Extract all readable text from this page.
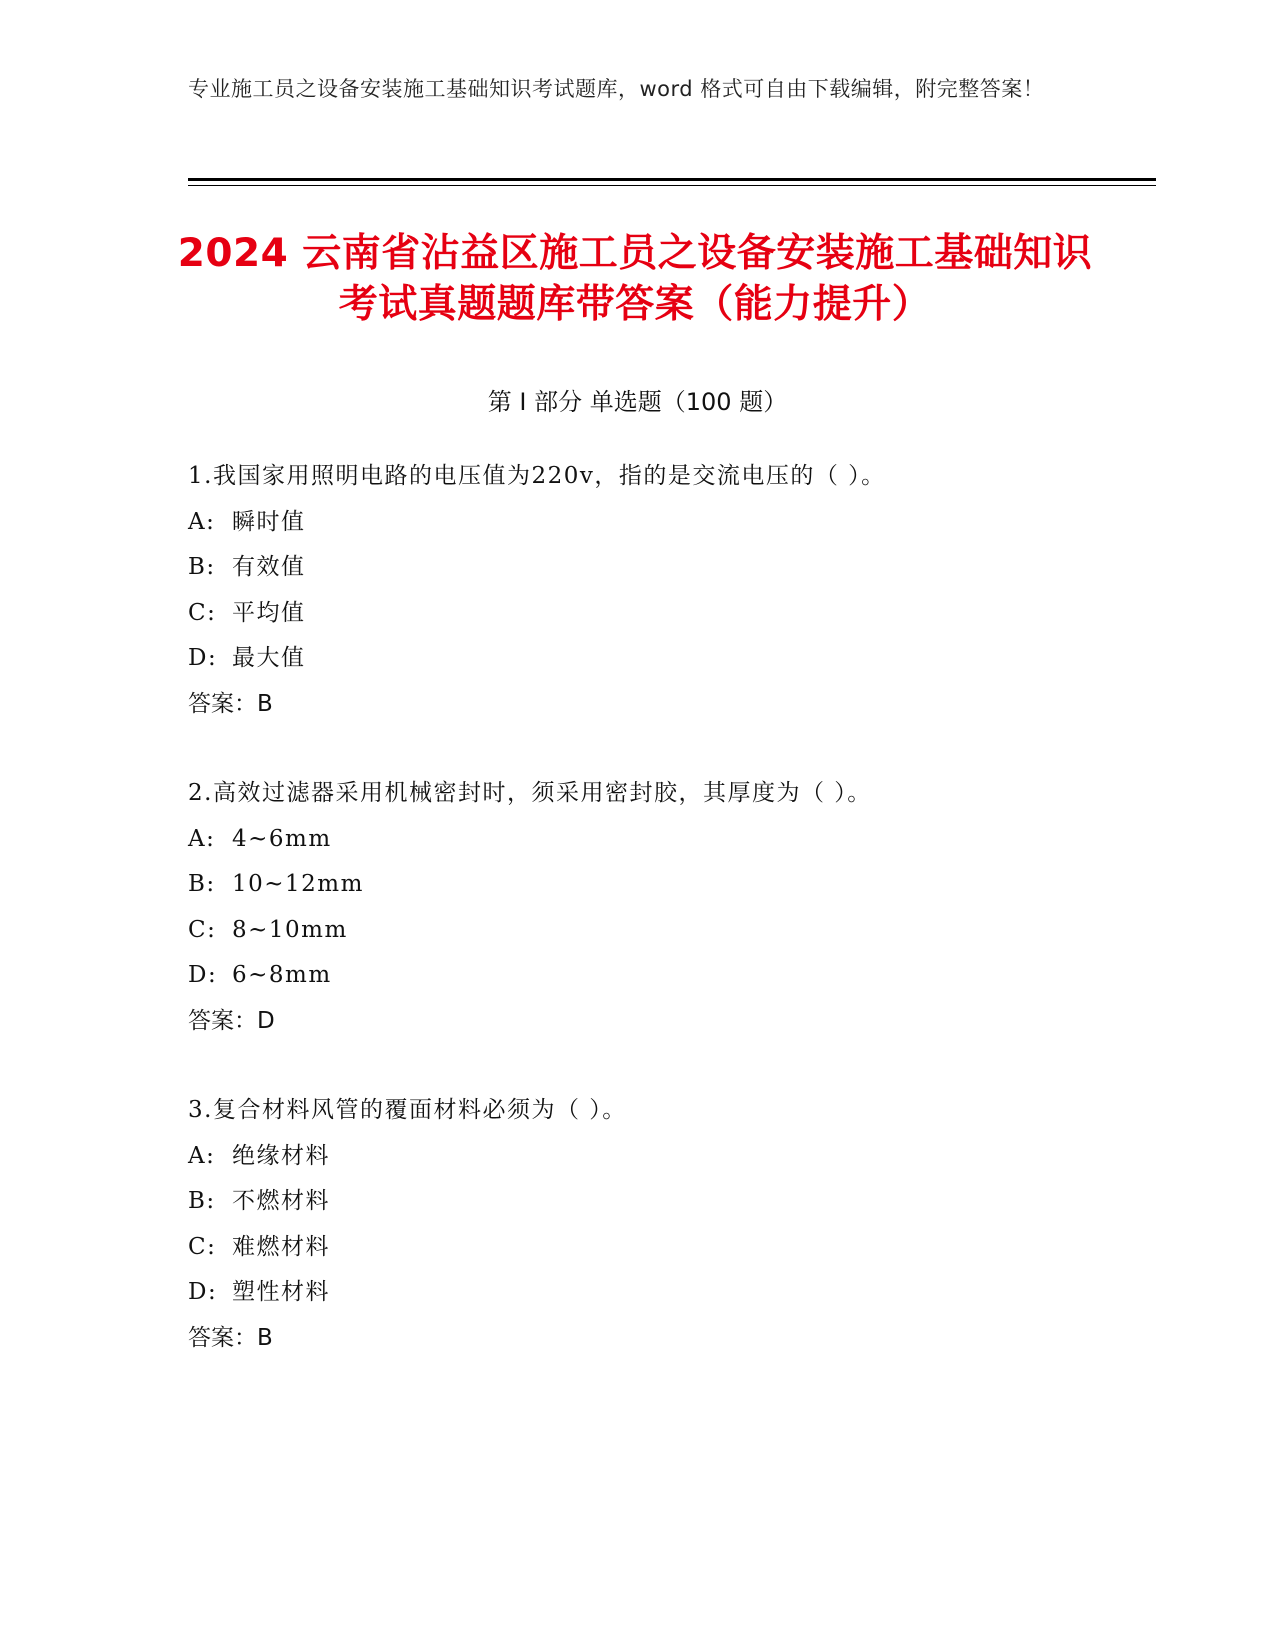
专业施工员之设备安装施工基础知识考试题库，word 格式可自由下载编辑，附完整答案！
2024 云南省沾益区施工员之设备安装施工基础知识考试真题题库带答案（能力提升）
第 I 部分 单选题（100 题）
1.我国家用照明电路的电压值为220v，指的是交流电压的（ ）。
A: 瞬时值
B: 有效值
C: 平均值
D: 最大值
答案：B
2.高效过滤器采用机械密封时，须采用密封胶，其厚度为（ ）。
A: 4~6mm
B: 10~12mm
C: 8~10mm
D: 6~8mm
答案：D
3.复合材料风管的覆面材料必须为（ ）。
A: 绝缘材料
B: 不燃材料
C: 难燃材料
D: 塑性材料
答案：B
